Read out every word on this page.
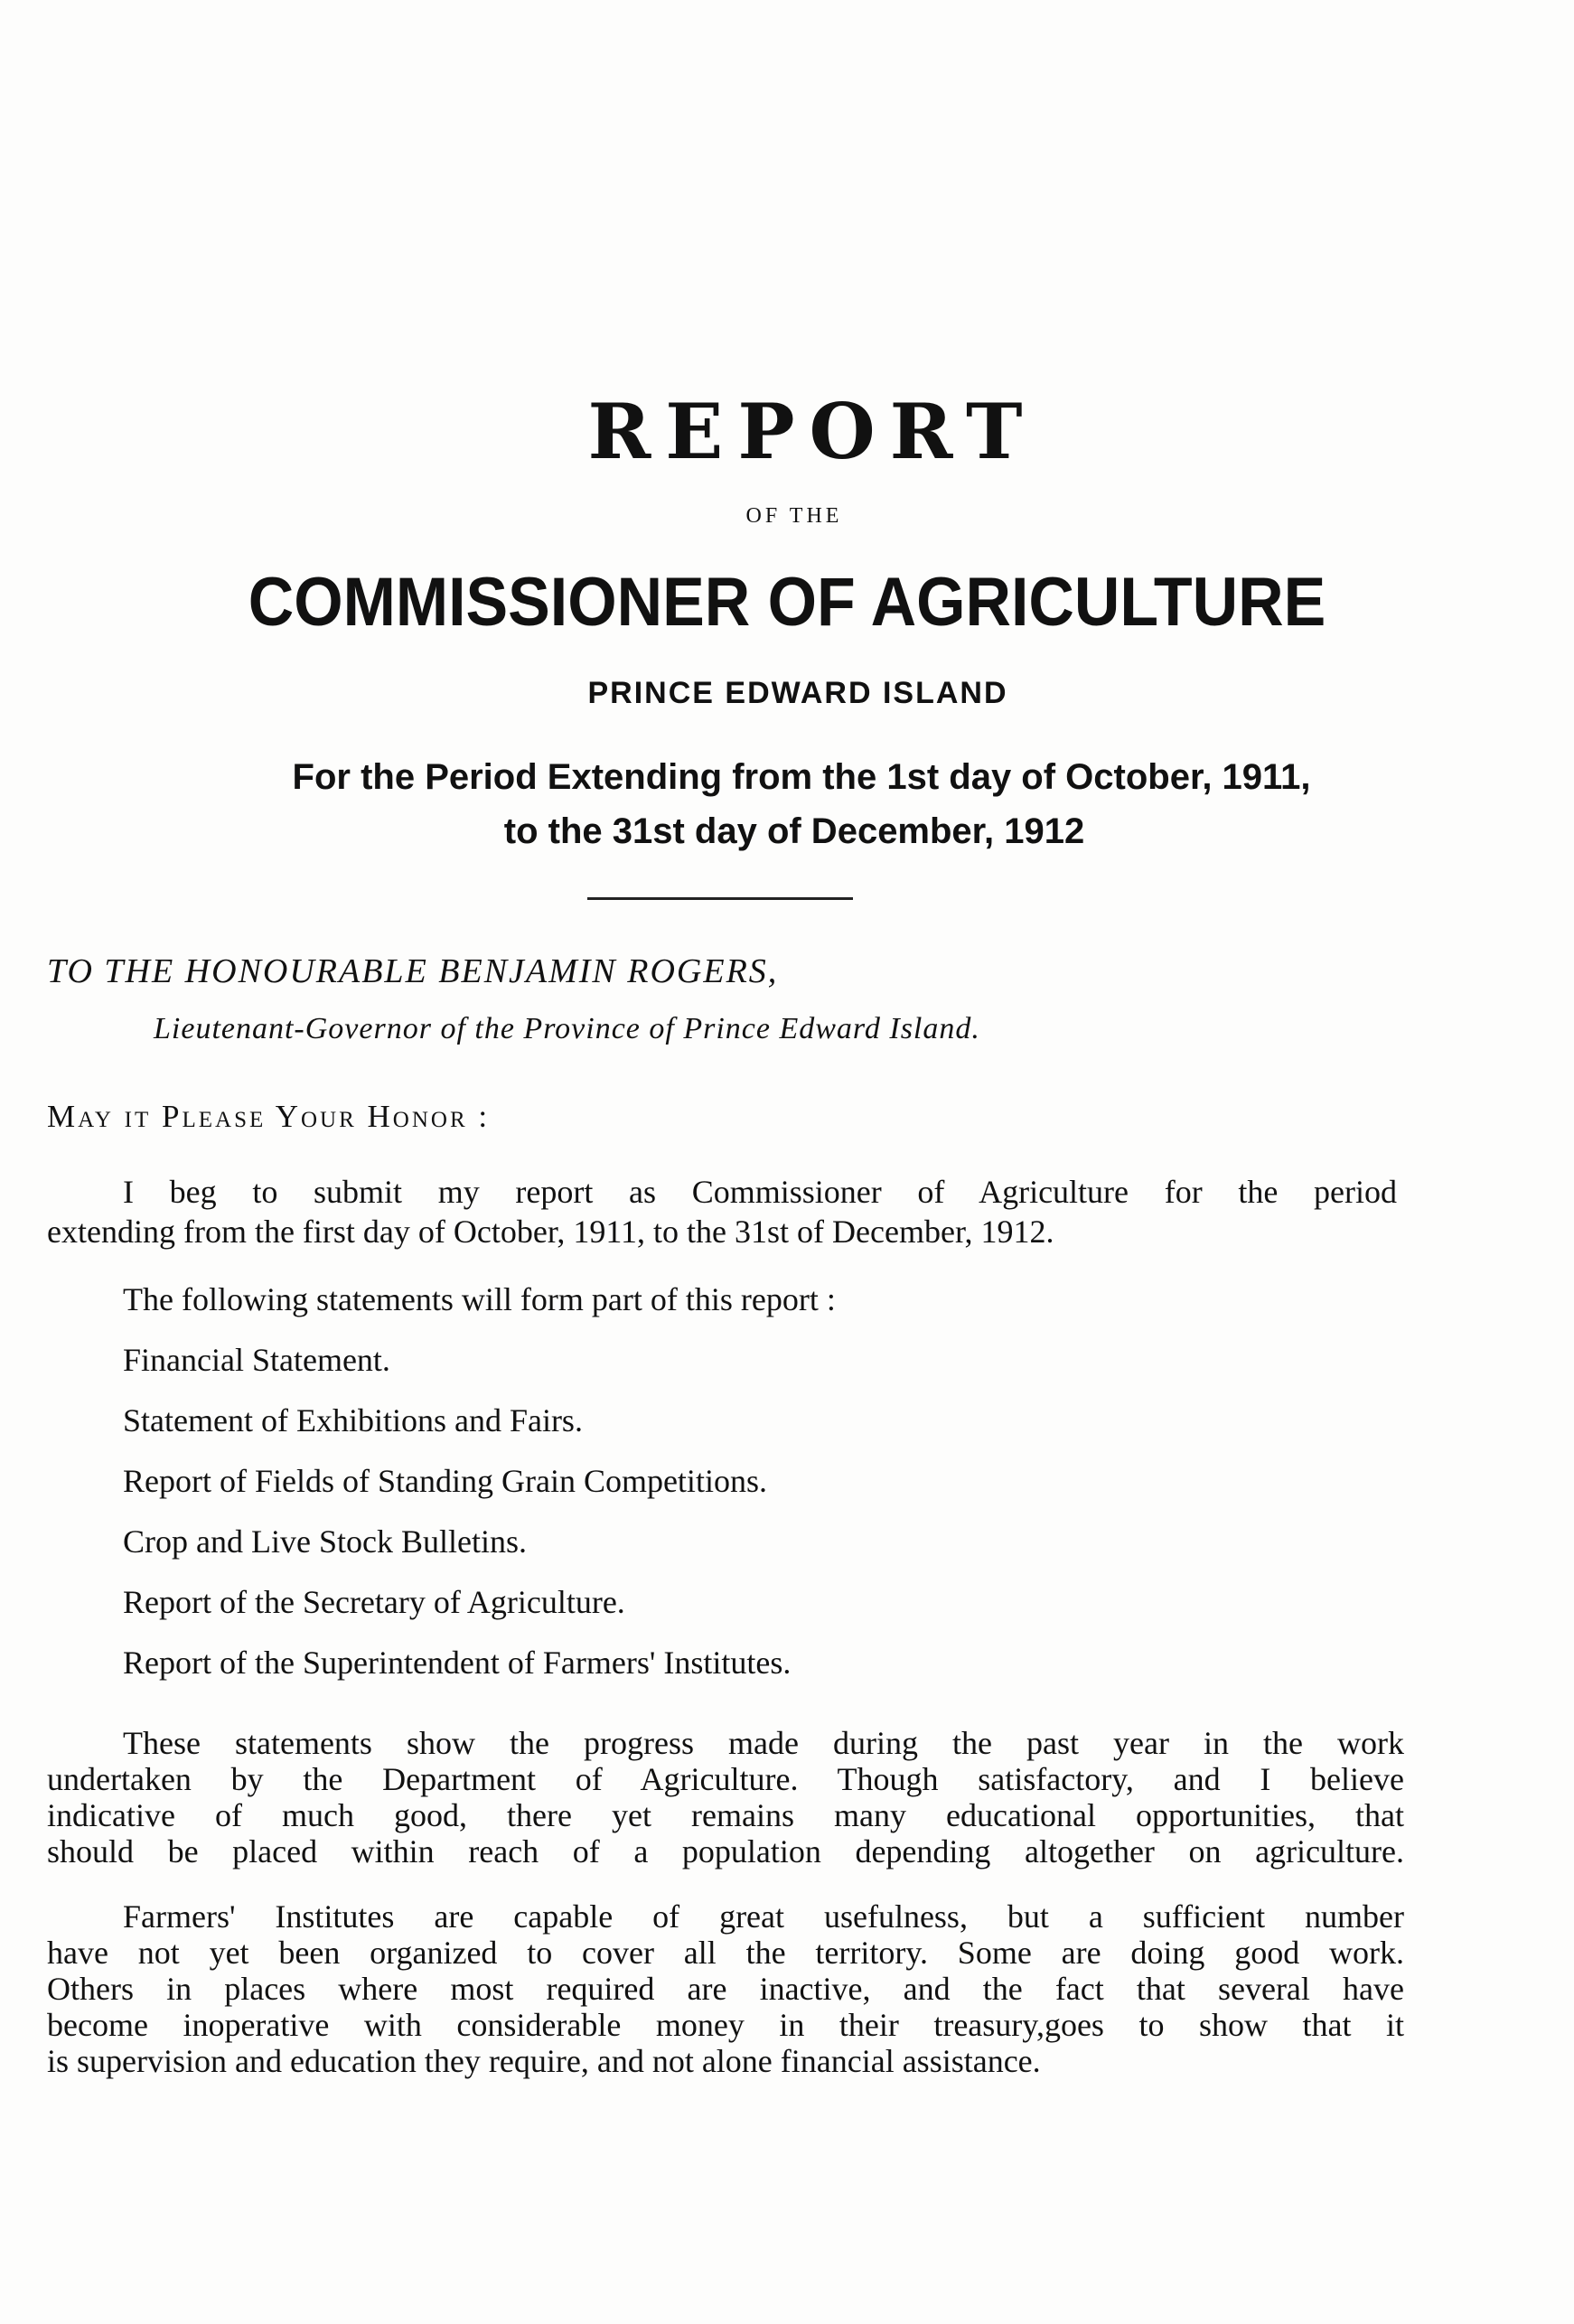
REPORT
OF THE
COMMISSIONER OF AGRICULTURE
PRINCE EDWARD ISLAND
For the Period Extending from the 1st day of October, 1911,
to the 31st day of December, 1912
TO THE HONOURABLE BENJAMIN ROGERS,
Lieutenant-Governor of the Province of Prince Edward Island.
May it Please Your Honor :
I beg to submit my report as Commissioner of Agriculture for the period
extending from the first day of October, 1911, to the 31st of December, 1912.
The following statements will form part of this report :
Financial Statement.
Statement of Exhibitions and Fairs.
Report of Fields of Standing Grain Competitions.
Crop and Live Stock Bulletins.
Report of the Secretary of Agriculture.
Report of the Superintendent of Farmers' Institutes.
These statements show the progress made during the past year in the work
undertaken by the Department of Agriculture. Though satisfactory, and I believe
indicative of much good, there yet remains many educational opportunities, that
should be placed within reach of a population depending altogether on agriculture.
Farmers' Institutes are capable of great usefulness, but a sufficient number
have not yet been organized to cover all the territory. Some are doing good work.
Others in places where most required are inactive, and the fact that several have
become inoperative with considerable money in their treasury,goes to show that it
is supervision and education they require, and not alone financial assistance.
